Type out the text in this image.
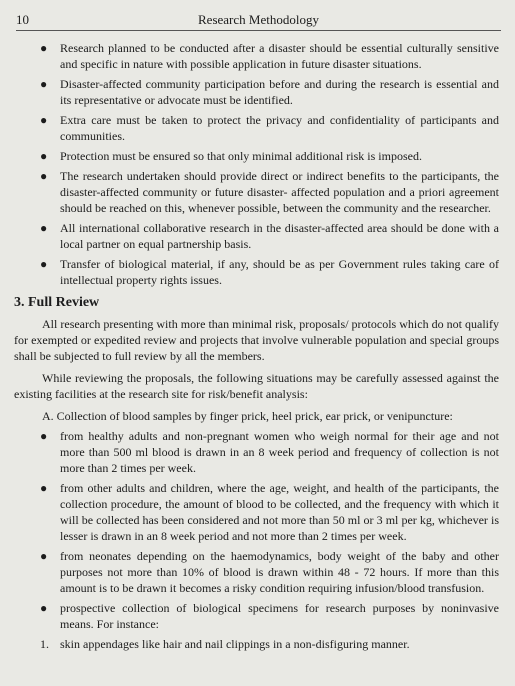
10	Research Methodology
● Research planned to be conducted after a disaster should be essential culturally sensitive and specific in nature with possible application in future disaster situations.
● Disaster-affected community participation before and during the research is essential and its representative or advocate must be identified.
● Extra care must be taken to protect the privacy and confidentiality of participants and communities.
● Protection must be ensured so that only minimal additional risk is imposed.
● The research undertaken should provide direct or indirect benefits to the participants, the disaster-affected community or future disaster- affected population and a priori agreement should be reached on this, whenever possible, between the community and the researcher.
● All international collaborative research in the disaster-affected area should be done with a local partner on equal partnership basis.
● Transfer of biological material, if any, should be as per Government rules taking care of intellectual property rights issues.
3. Full Review

All research presenting with more than minimal risk, proposals/ protocols which do not qualify for exempted or expedited review and projects that involve vulnerable population and special groups shall be subjected to full review by all the members.

While reviewing the proposals, the following situations may be carefully assessed against the existing facilities at the research site for risk/benefit analysis:

A. Collection of blood samples by finger prick, heel prick, ear prick, or venipuncture:
● from healthy adults and non-pregnant women who weigh normal for their age and not more than 500 ml blood is drawn in an 8 week period and frequency of collection is not more than 2 times per week.
● from other adults and children, where the age, weight, and health of the participants, the collection procedure, the amount of blood to be collected, and the frequency with which it will be collected has been considered and not more than 50 ml or 3 ml per kg, whichever is lesser is drawn in an 8 week period and not more than 2 times per week.
● from neonates depending on the haemodynamics, body weight of the baby and other purposes not more than 10% of blood is drawn within 48 - 72 hours. If more than this amount is to be drawn it becomes a risky condition requiring infusion/blood transfusion.
● prospective collection of biological specimens for research purposes by noninvasive means. For instance:
1. skin appendages like hair and nail clippings in a non-disfiguring manner.
